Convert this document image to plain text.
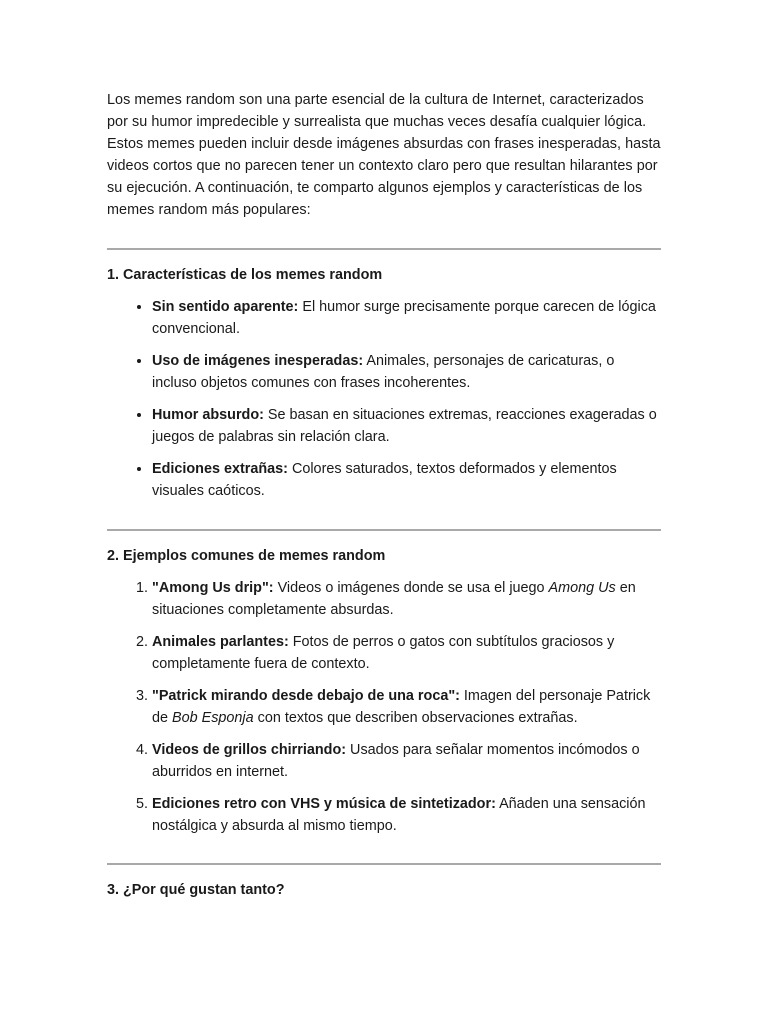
Los memes random son una parte esencial de la cultura de Internet, caracterizados por su humor impredecible y surrealista que muchas veces desafía cualquier lógica. Estos memes pueden incluir desde imágenes absurdas con frases inesperadas, hasta videos cortos que no parecen tener un contexto claro pero que resultan hilarantes por su ejecución. A continuación, te comparto algunos ejemplos y características de los memes random más populares:

1. Características de los memes random
• Sin sentido aparente: El humor surge precisamente porque carecen de lógica convencional.
• Uso de imágenes inesperadas: Animales, personajes de caricaturas, o incluso objetos comunes con frases incoherentes.
• Humor absurdo: Se basan en situaciones extremas, reacciones exageradas o juegos de palabras sin relación clara.
• Ediciones extrañas: Colores saturados, textos deformados y elementos visuales caóticos.
2. Ejemplos comunes de memes random
1. "Among Us drip": Videos o imágenes donde se usa el juego Among Us en situaciones completamente absurdas.
2. Animales parlantes: Fotos de perros o gatos con subtítulos graciosos y completamente fuera de contexto.
3. "Patrick mirando desde debajo de una roca": Imagen del personaje Patrick de Bob Esponja con textos que describen observaciones extrañas.
4. Videos de grillos chirriando: Usados para señalar momentos incómodos o aburridos en internet.
5. Ediciones retro con VHS y música de sintetizador: Añaden una sensación nostálgica y absurda al mismo tiempo.
3. ¿Por qué gustan tanto?
